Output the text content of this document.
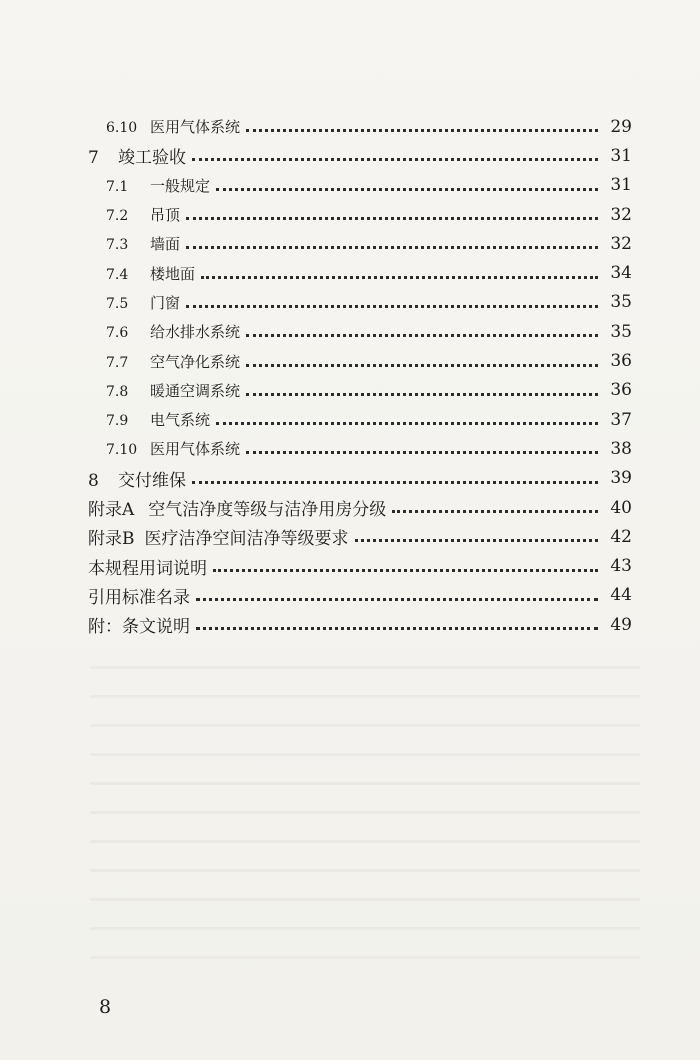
6.10 医用气体系统	29
7	竣工验收	31
7.1	一般规定	31
7.2	吊顶	32
7.3	墙面	32
7.4	楼地面	34
7.5	门窗	35
7.6	给水排水系统	35
7.7	空气净化系统	36
7.8	暖通空调系统	36
7.9	电气系统	37
7.10 医用气体系统	38
8	交付维保	39
附录A 空气洁净度等级与洁净用房分级	40
附录B 医疗洁净空间洁净等级要求	42
本规程用词说明	43
引用标准名录	44
附：条文说明	49
8
